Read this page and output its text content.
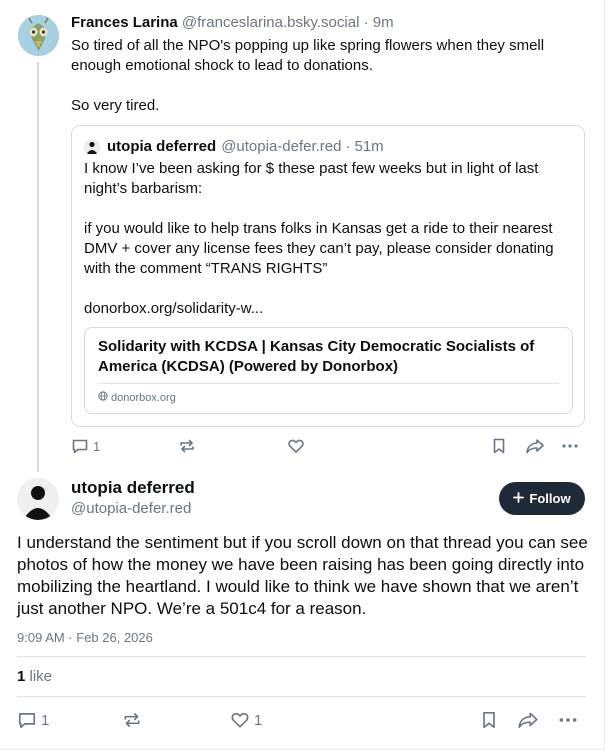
Frances Larina @franceslarina.bsky.social · 9m

So tired of all the NPO's popping up like spring flowers when they smell enough emotional shock to lead to donations.

So very tired.

utopia deferred @utopia-defer.red · 51m

I know I’ve been asking for $ these past few weeks but in light of last night’s barbarism:

if you would like to help trans folks in Kansas get a ride to their nearest DMV + cover any license fees they can’t pay, please consider donating with the comment “TRANS RIGHTS”

donorbox.org/solidarity-w...

Solidarity with KCDSA | Kansas City Democratic Socialists of America (KCDSA) (Powered by Donorbox)
donorbox.org
1
utopia deferred
@utopia-defer.red
Follow
I understand the sentiment but if you scroll down on that thread you can see photos of how the money we have been raising has been going directly into mobilizing the heartland. I would like to think we have shown that we aren’t just another NPO. We’re a 501c4 for a reason.
9:09 AM · Feb 26, 2026
1 like
1	1
